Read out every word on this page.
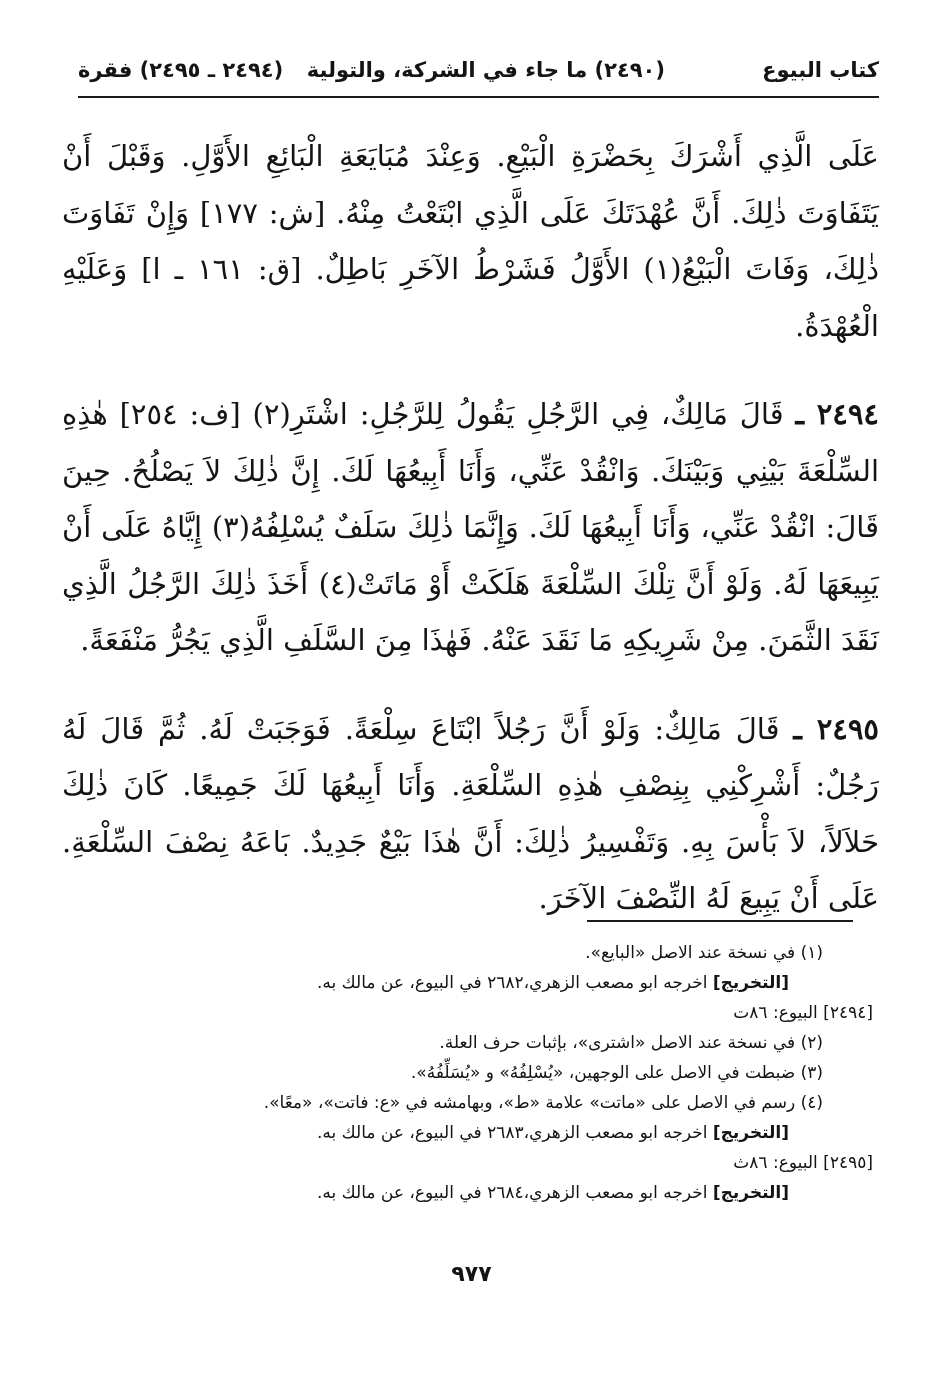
كتاب البيوع
(٢٤٩٠) ما جاء في الشركة، والتولية
(٢٤٩٤ ـ ٢٤٩٥) فقرة

عَلَى الَّذِي أَشْرَكَ بِحَضْرَةِ الْبَيْعِ. وَعِنْدَ مُبَايَعَةِ الْبَائِعِ الأَوَّلِ. وَقَبْلَ أَنْ يَتَفَاوَتَ ذٰلِكَ. أَنَّ عُهْدَتَكَ عَلَى الَّذِي ابْتَعْتُ مِنْهُ. [ش: ١٧٧] وَإِنْ تَفَاوَتَ ذٰلِكَ، وَفَاتَ الْبَيْعُ(١) الأَوَّلُ فَشَرْطُ الآخَرِ بَاطِلٌ. [ق: ١٦١ ـ ا] وَعَلَيْهِ الْعُهْدَةُ.

٢٤٩٤ ـ قَالَ مَالِكٌ، فِي الرَّجُلِ يَقُولُ لِلرَّجُلِ: اشْتَرِ(٢) [ف: ٢٥٤] هٰذِهِ السِّلْعَةَ بَيْنِي وَبَيْنَكَ. وَانْقُدْ عَنِّي، وَأَنَا أَبِيعُهَا لَكَ. إِنَّ ذٰلِكَ لاَ يَصْلُحُ. حِينَ قَالَ: انْقُدْ عَنِّي، وَأَنَا أَبِيعُهَا لَكَ. وَإِنَّمَا ذٰلِكَ سَلَفٌ يُسْلِفُهُ(٣) إِيَّاهُ عَلَى أَنْ يَبِيعَهَا لَهُ. وَلَوْ أَنَّ تِلْكَ السِّلْعَةَ هَلَكَتْ أَوْ مَاتَتْ(٤) أَخَذَ ذٰلِكَ الرَّجُلُ الَّذِي نَقَدَ الثَّمَنَ. مِنْ شَرِيكِهِ مَا نَقَدَ عَنْهُ. فَهٰذَا مِنَ السَّلَفِ الَّذِي يَجُرُّ مَنْفَعَةً.

٢٤٩٥ ـ قَالَ مَالِكٌ: وَلَوْ أَنَّ رَجُلاً ابْتَاعَ سِلْعَةً. فَوَجَبَتْ لَهُ. ثُمَّ قَالَ لَهُ رَجُلٌ: أَشْرِكْنِي بِنِصْفِ هٰذِهِ السِّلْعَةِ. وَأَنَا أَبِيعُهَا لَكَ جَمِيعًا. كَانَ ذٰلِكَ حَلاَلاً، لاَ بَأْسَ بِهِ. وَتَفْسِيرُ ذٰلِكَ: أَنَّ هٰذَا بَيْعٌ جَدِيدٌ. بَاعَهُ نِصْفَ السِّلْعَةِ. عَلَى أَنْ يَبِيعَ لَهُ النِّصْفَ الآخَرَ.

(١) في نسخة عند الاصل «البايع».
[التخريج] اخرجه ابو مصعب الزهري،٢٦٨٢ في البيوع، عن مالك به.
[٢٤٩٤] البيوع: ٨٦ت
(٢) في نسخة عند الاصل «اشترى»، بإثبات حرف العلة.
(٣) ضبطت في الاصل على الوجهين، «يُسْلِفُهُ» و «يُسَلِّفُهُ».
(٤) رسم في الاصل على «ماتت» علامة «ط»، وبهامشه في «ع: فاتت»، «معًا».
[التخريج] اخرجه ابو مصعب الزهري،٢٦٨٣ في البيوع، عن مالك به.
[٢٤٩٥] البيوع: ٨٦ث
[التخريج] اخرجه ابو مصعب الزهري،٢٦٨٤ في البيوع، عن مالك به.
٩٧٧
